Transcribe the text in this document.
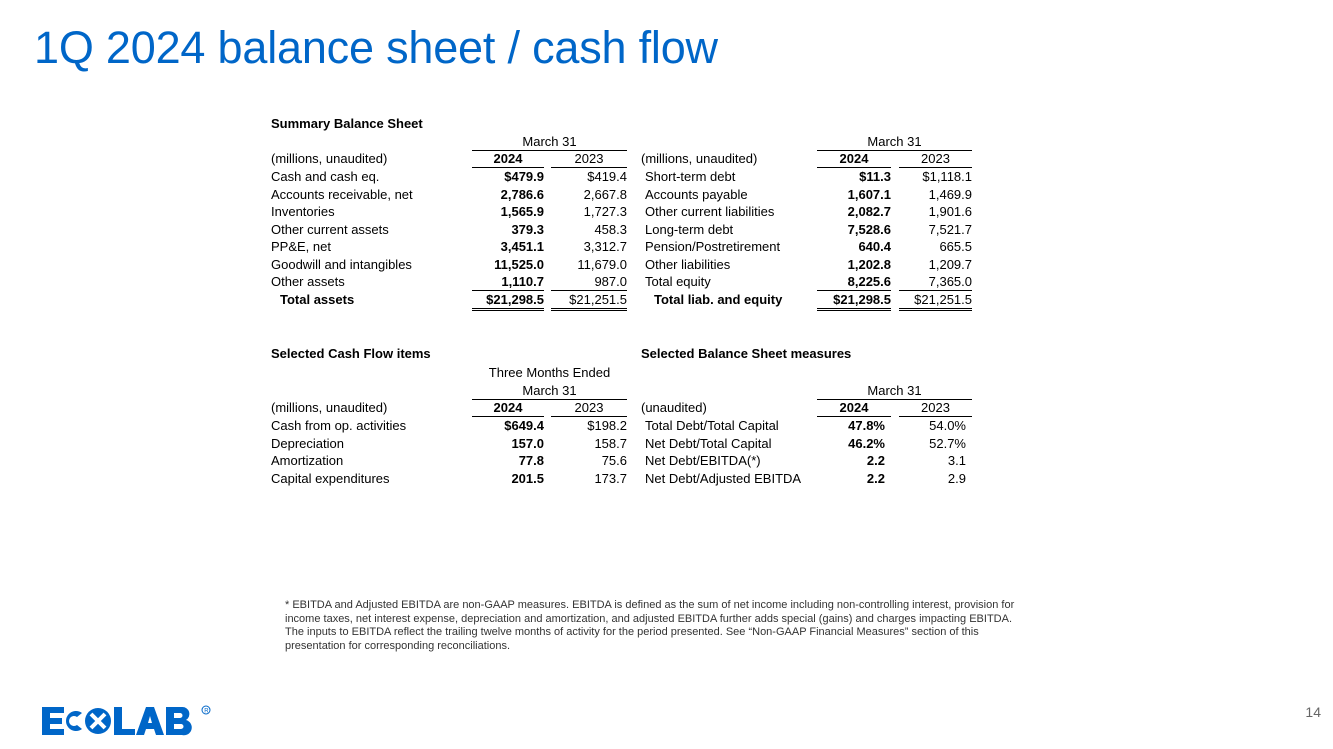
1Q 2024 balance sheet / cash flow
Summary Balance Sheet
March 31
(millions, unaudited)	2024	2023
March 31
(millions, unaudited)	2024	2023
Selected Cash Flow items
Three Months Ended
March 31
(millions, unaudited)	2024	2023
Selected Balance Sheet measures
March 31
(unaudited)	2024	2023
* EBITDA and Adjusted EBITDA are non-GAAP measures. EBITDA is defined as the sum of net income including non-controlling interest, provision for income taxes, net interest expense, depreciation and amortization, and adjusted EBITDA further adds special (gains) and charges impacting EBITDA. The inputs to EBITDA reflect the trailing twelve months of activity for the period presented. See “Non-GAAP Financial Measures” section of this presentation for corresponding reconciliations.
R	14
Cash and cash eq.	$479.9	$419.4
Accounts receivable, net	2,786.6	2,667.8
Inventories	1,565.9	1,727.3
Other current assets	379.3	458.3
PP&E, net	3,451.1	3,312.7
Goodwill and intangibles	11,525.0	11,679.0
Other assets	1,110.7	987.0
Total assets	$21,298.5	$21,251.5
Short-term debt	$11.3	$1,118.1
Accounts payable	1,607.1	1,469.9
Other current liabilities	2,082.7	1,901.6
Long-term debt	7,528.6	7,521.7
Pension/Postretirement	640.4	665.5
Other liabilities	1,202.8	1,209.7
Total equity	8,225.6	7,365.0
Total liab. and equity	$21,298.5	$21,251.5
Cash from op. activities	$649.4	$198.2
Depreciation	157.0	158.7
Amortization	77.8	75.6
Capital expenditures	201.5	173.7
Total Debt/Total Capital	47.8%	54.0%
Net Debt/Total Capital	46.2%	52.7%
Net Debt/EBITDA(*)	2.2	3.1
Net Debt/Adjusted EBITDA	2.2	2.9
